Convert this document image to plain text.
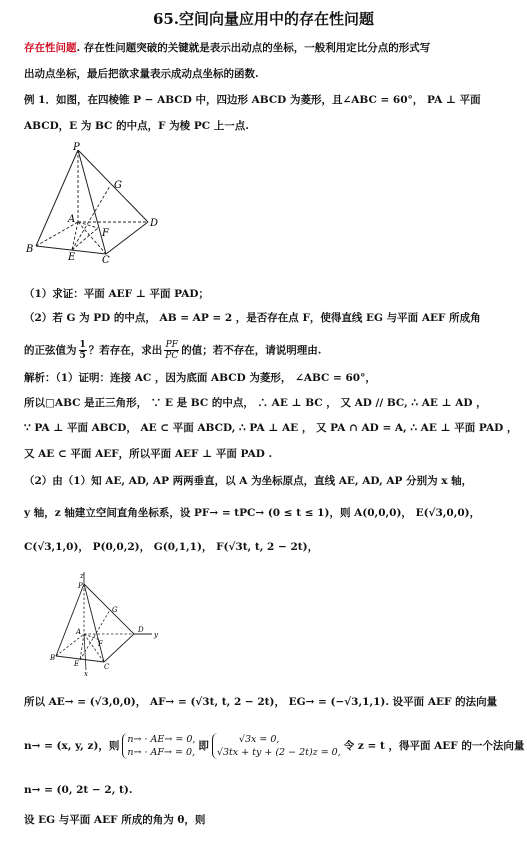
65.空间向量应用中的存在性问题
存在性问题. 存在性问题突破的关键就是表示出动点的坐标，一般利用定比分点的形式写
出动点坐标，最后把欲求量表示成动点坐标的函数.
例 1．如图，在四棱锥 P − ABCD 中，四边形 ABCD 为菱形，且∠ABC = 60°， PA ⊥ 平面
ABCD，E 为 BC 的中点，F 为棱 PC 上一点.
P
G
A	D
F
B
E	C
（1）求证：平面 AEF ⊥ 平面 PAD；
（2）若 G 为 PD 的中点， AB = AP = 2 ，是否存在点 F，使得直线 EG 与平面 AEF 所成角
的正弦值为 $\frac{1}{5}$ ？若存在，求出 $\frac{PF}{PC}$ 的值；若不存在，请说明理由.
解析：（1）证明：连接 AC ，因为底面 ABCD 为菱形， ∠ABC = 60°，
所以□ABC 是正三角形， ∵ E 是 BC 的中点， ∴ AE ⊥ BC ， 又 AD // BC, ∴ AE ⊥ AD ，
∵ PA ⊥ 平面 ABCD， AE ⊂ 平面 ABCD, ∴ PA ⊥ AE ， 又 PA ∩ AD = A, ∴ AE ⊥ 平面 PAD ，
又 AE ⊂ 平面 AEF，所以平面 AEF ⊥ 平面 PAD .
（2）由（1）知 AE, AD, AP 两两垂直，以 A 为坐标原点，直线 AE, AD, AP 分别为 x 轴，
y 轴，z 轴建立空间直角坐标系，设 PF→ = tPC→ (0 ≤ t ≤ 1)，则 A(0,0,0)， E(√3,0,0)，
C(√3,1,0)， P(0,0,2)， G(0,1,1)， F(√3t, t, 2 − 2t)，
z
P
G
A	D
y
B
E
F
C
x
所以 AE→ = (√3,0,0)， AF→ = (√3t, t, 2 − 2t)， EG→ = (−√3,1,1). 设平面 AEF 的法向量
n→ = (x, y, z)，则
n→ · AE→ = 0,
n→ · AF→ = 0,
即
√3x = 0,
√3tx + ty + (2 − 2t)z = 0,
令 z = t ，得平面 AEF 的一个法向量
n→ = (0, 2t − 2, t).
设 EG 与平面 AEF 所成的角为 θ，则
